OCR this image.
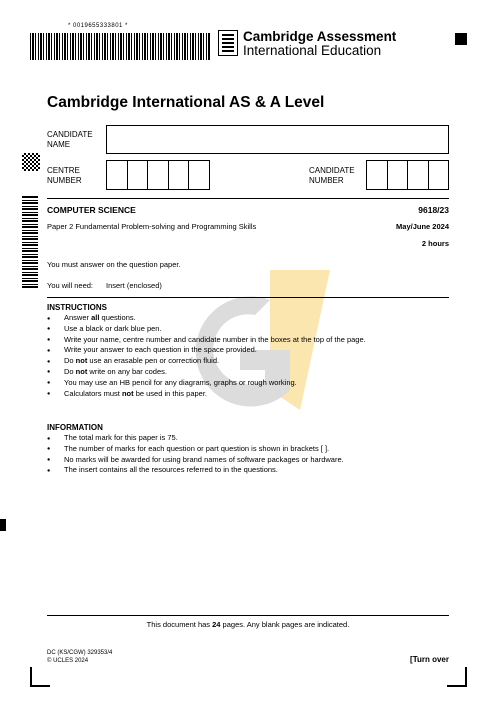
* 0019655333801 *
Cambridge Assessment
International Education
Cambridge International AS & A Level
CANDIDATE NAME
CENTRE NUMBER
CANDIDATE NUMBER
COMPUTER SCIENCE	9618/23
Paper 2 Fundamental Problem-solving and Programming Skills	May/June 2024
2 hours
You must answer on the question paper.
You will need: Insert (enclosed)
INSTRUCTIONS
● Answer all questions.
● Use a black or dark blue pen.
● Write your name, centre number and candidate number in the boxes at the top of the page.
● Write your answer to each question in the space provided.
● Do not use an erasable pen or correction fluid.
● Do not write on any bar codes.
● You may use an HB pencil for any diagrams, graphs or rough working.
● Calculators must not be used in this paper.
INFORMATION
● The total mark for this paper is 75.
● The number of marks for each question or part question is shown in brackets [ ].
● No marks will be awarded for using brand names of software packages or hardware.
● The insert contains all the resources referred to in the questions.
This document has 24 pages. Any blank pages are indicated.
DC (KS/CGW) 329353/4
© UCLES 2024	[Turn over
